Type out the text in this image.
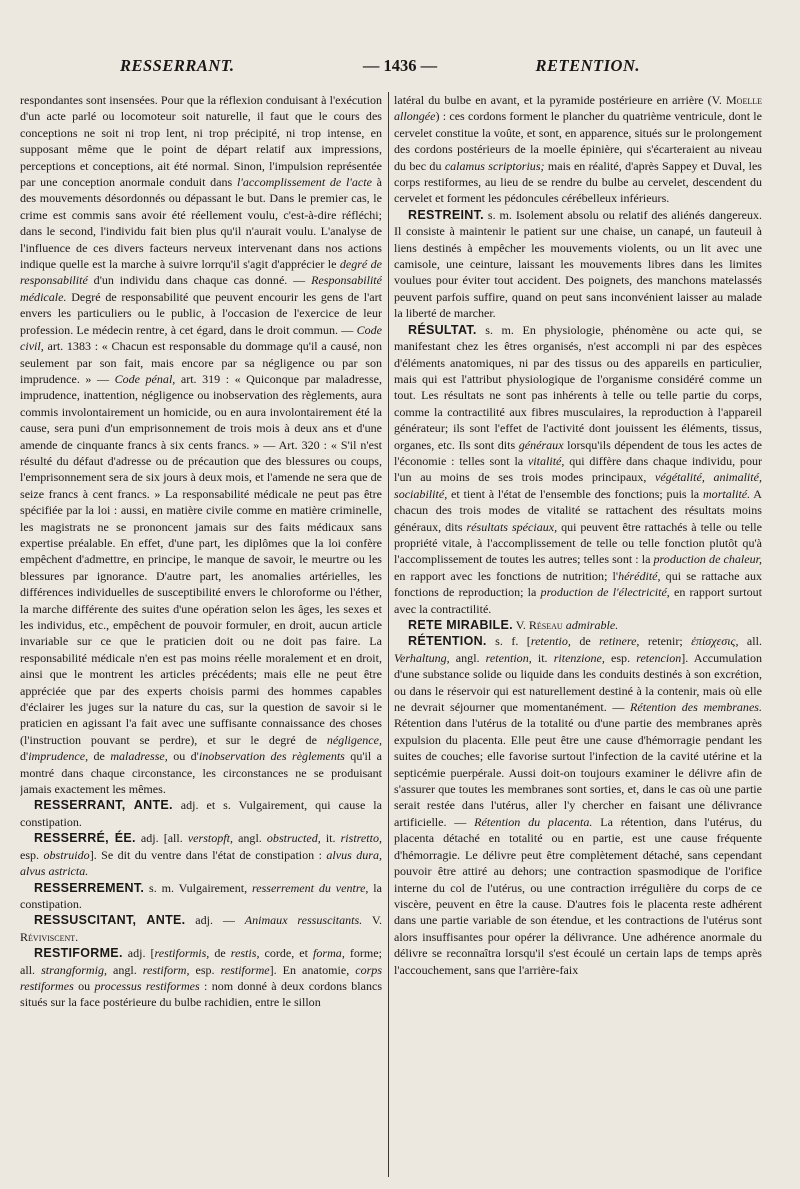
RESSERRANT.	— 1436 —	RETENTION.

respondantes sont insensées. Pour que la réflexion conduisant à l'exécution d'un acte parlé ou locomoteur soit naturelle, il faut que le cours des conceptions ne soit ni trop lent, ni trop précipité, ni trop intense, en supposant même que le point de départ relatif aux impressions, perceptions et conceptions, ait été normal. Sinon, l'impulsion représentée par une conception anormale conduit dans l'accomplissement de l'acte à des mouvements désordonnés ou dépassant le but. Dans le premier cas, le crime est commis sans avoir été réellement voulu, c'est-à-dire réfléchi; dans le second, l'individu fait bien plus qu'il n'aurait voulu. L'analyse de l'influence de ces divers facteurs nerveux intervenant dans nos actions indique quelle est la marche à suivre lorrqu'il s'agit d'apprécier le degré de responsabilité d'un individu dans chaque cas donné. — Responsabilité médicale. Degré de responsabilité que peuvent encourir les gens de l'art envers les particuliers ou le public, à l'occasion de l'exercice de leur profession. Le médecin rentre, à cet égard, dans le droit commun. — Code civil, art. 1383 : « Chacun est responsable du dommage qu'il a causé, non seulement par son fait, mais encore par sa négligence ou par son imprudence. » — Code pénal, art. 319 : « Quiconque par maladresse, imprudence, inattention, négligence ou inobservation des règlements, aura commis involontairement un homicide, ou en aura involontairement été la cause, sera puni d'un emprisonnement de trois mois à deux ans et d'une amende de cinquante francs à six cents francs. » — Art. 320 : « S'il n'est résulté du défaut d'adresse ou de précaution que des blessures ou coups, l'emprisonnement sera de six jours à deux mois, et l'amende ne sera que de seize francs à cent francs. » La responsabilité médicale ne peut pas être spécifiée par la loi : aussi, en matière civile comme en matière criminelle, les magistrats ne se prononcent jamais sur des faits médicaux sans expertise préalable. En effet, d'une part, les diplômes que la loi confère empêchent d'admettre, en principe, le manque de savoir, le meurtre ou les blessures par ignorance. D'autre part, les anomalies artérielles, les différences individuelles de susceptibilité envers le chloroforme ou l'éther, la marche différente des suites d'une opération selon les âges, les sexes et les individus, etc., empêchent de pouvoir formuler, en droit, aucun article invariable sur ce que le praticien doit ou ne doit pas faire. La responsabilité médicale n'en est pas moins réelle moralement et en droit, ainsi que le montrent les articles précédents; mais elle ne peut être appréciée que par des experts choisis parmi des hommes capables d'éclairer les juges sur la nature du cas, sur la question de savoir si le praticien en agissant l'a fait avec une suffisante connaissance des choses (l'instruction pouvant se perdre), et sur le degré de négligence, d'imprudence, de maladresse, ou d'inobservation des règlements qu'il a montré dans chaque circonstance, les circonstances ne se produisant jamais exactement les mêmes.

RESSERRANT, ANTE. adj. et s. Vulgairement, qui cause la constipation.

RESSERRÉ, ÉE. adj. [all. verstopft, angl. obstructed, it. ristretto, esp. obstruido]. Se dit du ventre dans l'état de constipation : alvus dura, alvus astricta.

RESSERREMENT. s. m. Vulgairement, resserrement du ventre, la constipation.

RESSUSCITANT, ANTE. adj. — Animaux ressuscitants. V. Réviviscent.

RESTIFORME. adj. [restiformis, de restis, corde, et forma, forme; all. strangformig, angl. restiform, esp. restiforme]. En anatomie, corps restiformes ou processus restiformes : nom donné à deux cordons blancs situés sur la face postérieure du bulbe rachidien, entre le sillon

latéral du bulbe en avant, et la pyramide postérieure en arrière (V. Moelle allongée) : ces cordons forment le plancher du quatrième ventricule, dont le cervelet constitue la voûte, et sont, en apparence, situés sur le prolongement des cordons postérieurs de la moelle épinière, qui s'écarteraient au niveau du bec du calamus scriptorius; mais en réalité, d'après Sappey et Duval, les corps restiformes, au lieu de se rendre du bulbe au cervelet, descendent du cervelet et forment les pédoncules cérébelleux inférieurs.

RESTREINT. s. m. Isolement absolu ou relatif des aliénés dangereux. Il consiste à maintenir le patient sur une chaise, un canapé, un fauteuil à liens destinés à empêcher les mouvements violents, ou un lit avec une camisole, une ceinture, laissant les mouvements libres dans les limites voulues pour éviter tout accident. Des poignets, des manchons matelassés peuvent parfois suffire, quand on peut sans inconvénient laisser au malade la liberté de marcher.

RÉSULTAT. s. m. En physiologie, phénomène ou acte qui, se manifestant chez les êtres organisés, n'est accompli ni par des espèces d'éléments anatomiques, ni par des tissus ou des appareils en particulier, mais qui est l'attribut physiologique de l'organisme considéré comme un tout. Les résultats ne sont pas inhérents à telle ou telle partie du corps, comme la contractilité aux fibres musculaires, la reproduction à l'appareil générateur; ils sont l'effet de l'activité dont jouissent les éléments, tissus, organes, etc. Ils sont dits généraux lorsqu'ils dépendent de tous les actes de l'économie : telles sont la vitalité, qui diffère dans chaque individu, pour l'un au moins de ses trois modes principaux, végétalité, animalité, sociabilité, et tient à l'état de l'ensemble des fonctions; puis la mortalité. A chacun des trois modes de vitalité se rattachent des résultats moins généraux, dits résultats spéciaux, qui peuvent être rattachés à telle ou telle propriété vitale, à l'accomplissement de telle ou telle fonction plutôt qu'à l'accomplissement de toutes les autres; telles sont : la production de chaleur, en rapport avec les fonctions de nutrition; l'hérédité, qui se rattache aux fonctions de reproduction; la production de l'électricité, en rapport surtout avec la contractilité.

RETE MIRABILE. V. Réseau admirable.

RÉTENTION. s. f. [retentio, de retinere, retenir; ἐπίσχεσις, all. Verhaltung, angl. retention, it. ritenzione, esp. retencion]. Accumulation d'une substance solide ou liquide dans les conduits destinés à son excrétion, ou dans le réservoir qui est naturellement destiné à la contenir, mais où elle ne devrait séjourner que momentanément. — Rétention des membranes. Rétention dans l'utérus de la totalité ou d'une partie des membranes après expulsion du placenta. Elle peut être une cause d'hémorragie pendant les suites de couches; elle favorise surtout l'infection de la cavité utérine et la septicémie puerpérale. Aussi doit-on toujours examiner le délivre afin de s'assurer que toutes les membranes sont sorties, et, dans le cas où une partie serait restée dans l'utérus, aller l'y chercher en faisant une délivrance artificielle. — Rétention du placenta. La rétention, dans l'utérus, du placenta détaché en totalité ou en partie, est une cause fréquente d'hémorragie. Le délivre peut être complètement détaché, sans cependant pouvoir être attiré au dehors; une contraction spasmodique de l'orifice interne du col de l'utérus, ou une contraction irrégulière du corps de ce viscère, peuvent en être la cause. D'autres fois le placenta reste adhérent dans une partie variable de son étendue, et les contractions de l'utérus sont alors insuffisantes pour opérer la délivrance. Une adhérence anormale du délivre se reconnaîtra lorsqu'il s'est écoulé un certain laps de temps après l'accouchement, sans que l'arrière-faix
